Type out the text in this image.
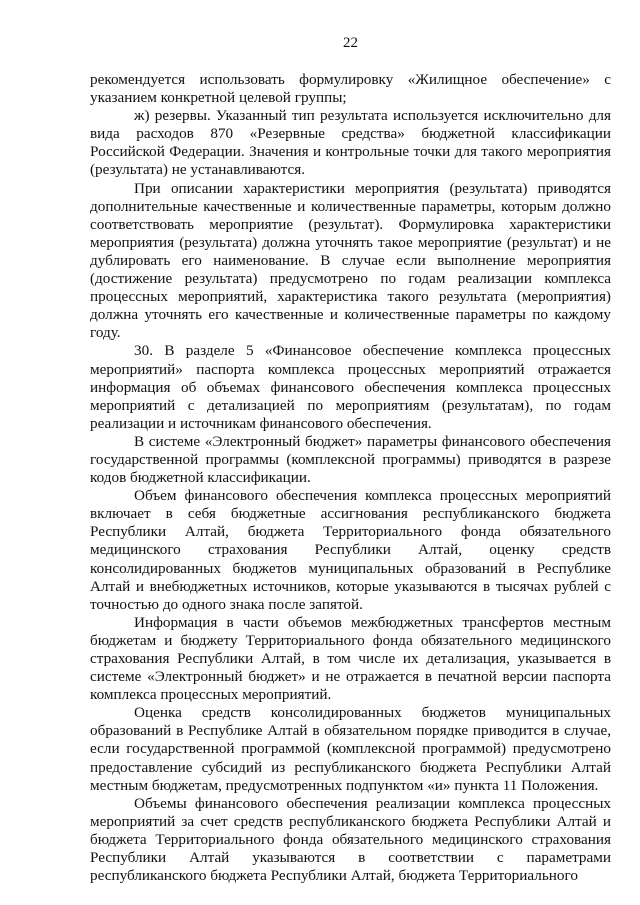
22

рекомендуется использовать формулировку «Жилищное обеспечение» с указанием конкретной целевой группы;

ж) резервы. Указанный тип результата используется исключительно для вида расходов 870 «Резервные средства» бюджетной классификации Российской Федерации. Значения и контрольные точки для такого мероприятия (результата) не устанавливаются.

При описании характеристики мероприятия (результата) приводятся дополнительные качественные и количественные параметры, которым должно соответствовать мероприятие (результат). Формулировка характеристики мероприятия (результата) должна уточнять такое мероприятие (результат) и не дублировать его наименование. В случае если выполнение мероприятия (достижение результата) предусмотрено по годам реализации комплекса процессных мероприятий, характеристика такого результата (мероприятия) должна уточнять его качественные и количественные параметры по каждому году.

30. В разделе 5 «Финансовое обеспечение комплекса процессных мероприятий» паспорта комплекса процессных мероприятий отражается информация об объемах финансового обеспечения комплекса процессных мероприятий с детализацией по мероприятиям (результатам), по годам реализации и источникам финансового обеспечения.

В системе «Электронный бюджет» параметры финансового обеспечения государственной программы (комплексной программы) приводятся в разрезе кодов бюджетной классификации.

Объем финансового обеспечения комплекса процессных мероприятий включает в себя бюджетные ассигнования республиканского бюджета Республики Алтай, бюджета Территориального фонда обязательного медицинского страхования Республики Алтай, оценку средств консолидированных бюджетов муниципальных образований в Республике Алтай и внебюджетных источников, которые указываются в тысячах рублей с точностью до одного знака после запятой.

Информация в части объемов межбюджетных трансфертов местным бюджетам и бюджету Территориального фонда обязательного медицинского страхования Республики Алтай, в том числе их детализация, указывается в системе «Электронный бюджет» и не отражается в печатной версии паспорта комплекса процессных мероприятий.

Оценка средств консолидированных бюджетов муниципальных образований в Республике Алтай в обязательном порядке приводится в случае, если государственной программой (комплексной программой) предусмотрено предоставление субсидий из республиканского бюджета Республики Алтай местным бюджетам, предусмотренных подпунктом «и» пункта 11 Положения.

Объемы финансового обеспечения реализации комплекса процессных мероприятий за счет средств республиканского бюджета Республики Алтай и бюджета Территориального фонда обязательного медицинского страхования Республики Алтай указываются в соответствии с параметрами республиканского бюджета Республики Алтай, бюджета Территориального
